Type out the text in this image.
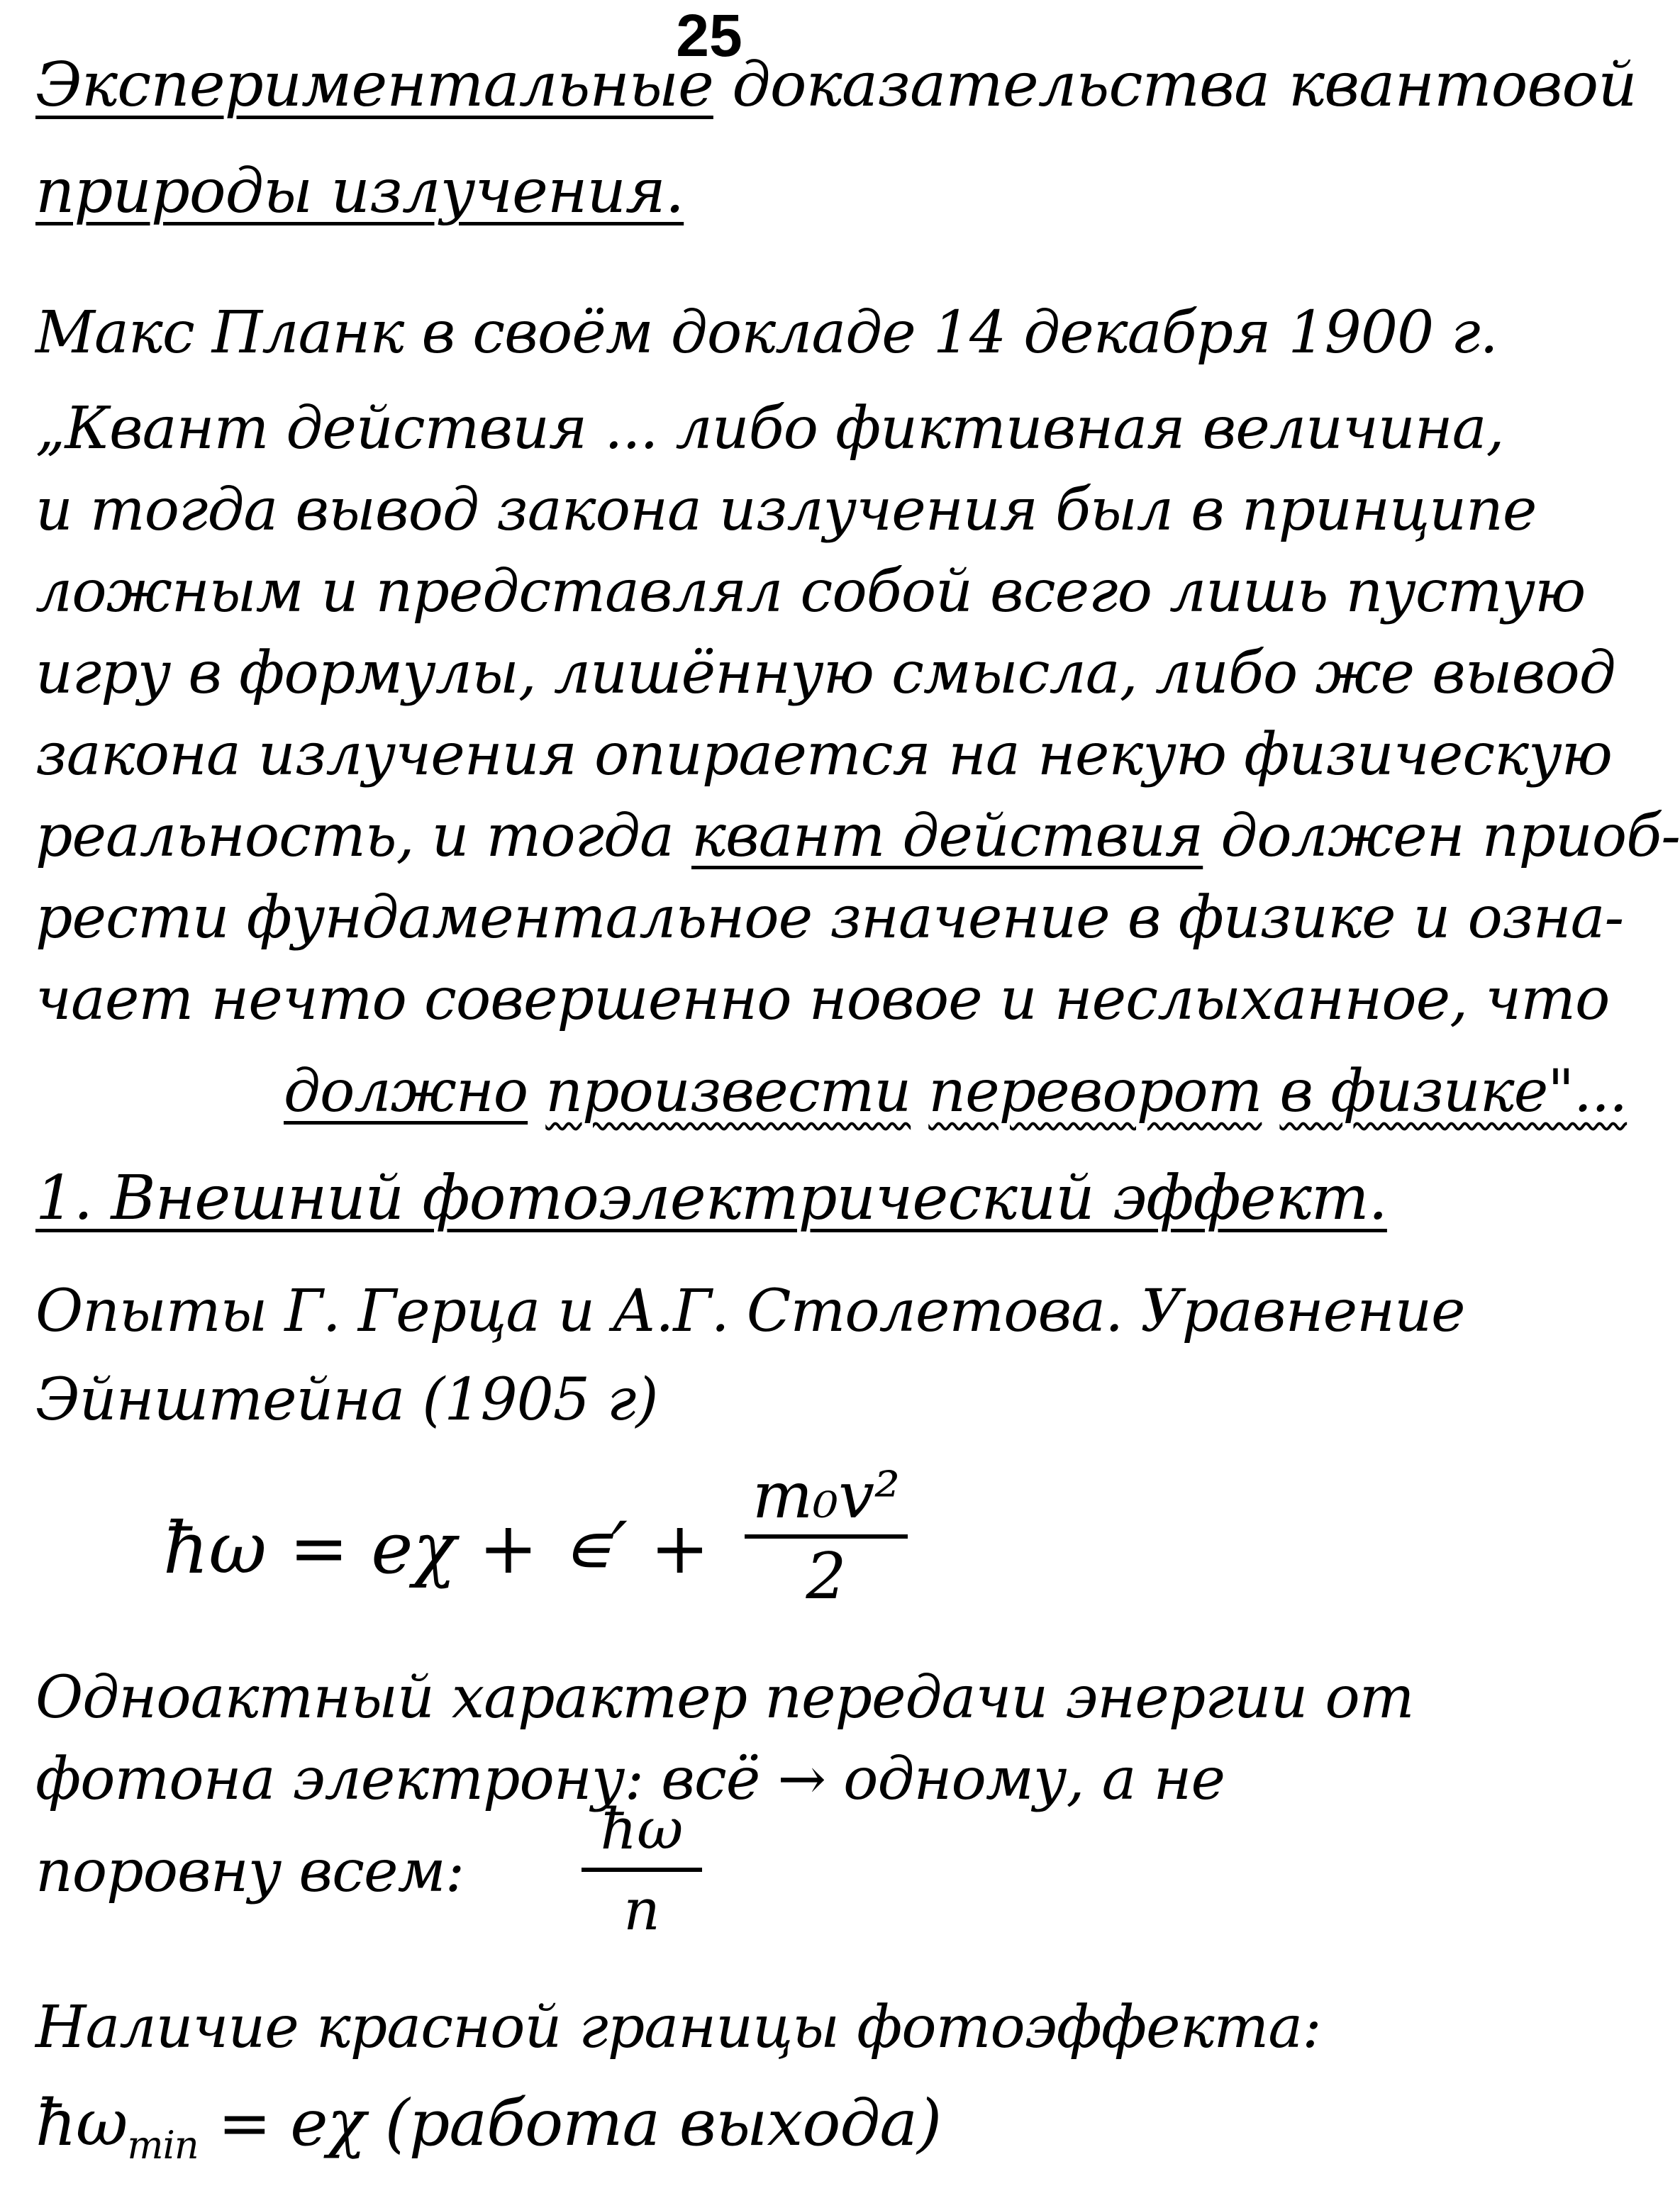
25
Экспериментальные доказательства квантовой
природы излучения.
Макс Планк в своём докладе 14 декабря 1900 г.
„Квант действия ... либо фиктивная величина,
и тогда вывод закона излучения был в принципе
ложным и представлял собой всего лишь пустую
игру в формулы, лишённую смысла, либо же вывод
закона излучения опирается на некую физическую
реальность, и тогда квант действия должен приоб-
рести фундаментальное значение в физике и озна-
чает нечто совершенно новое и неслыханное, что
должно произвести переворот в физике"...
1. Внешний фотоэлектрический эффект.
Опыты Г. Герца и А.Г. Столетова. Уравнение
Эйнштейна (1905 г)
ħω = eχ + ∊′ +
m₀v²
2
Одноактный характер передачи энергии от
фотона электрону: всё → одному, а не
поровну всем:
ħω
n
Наличие красной границы фотоэффекта:
$ħ\omega_{min} = e\chi$ (работа выхода)
